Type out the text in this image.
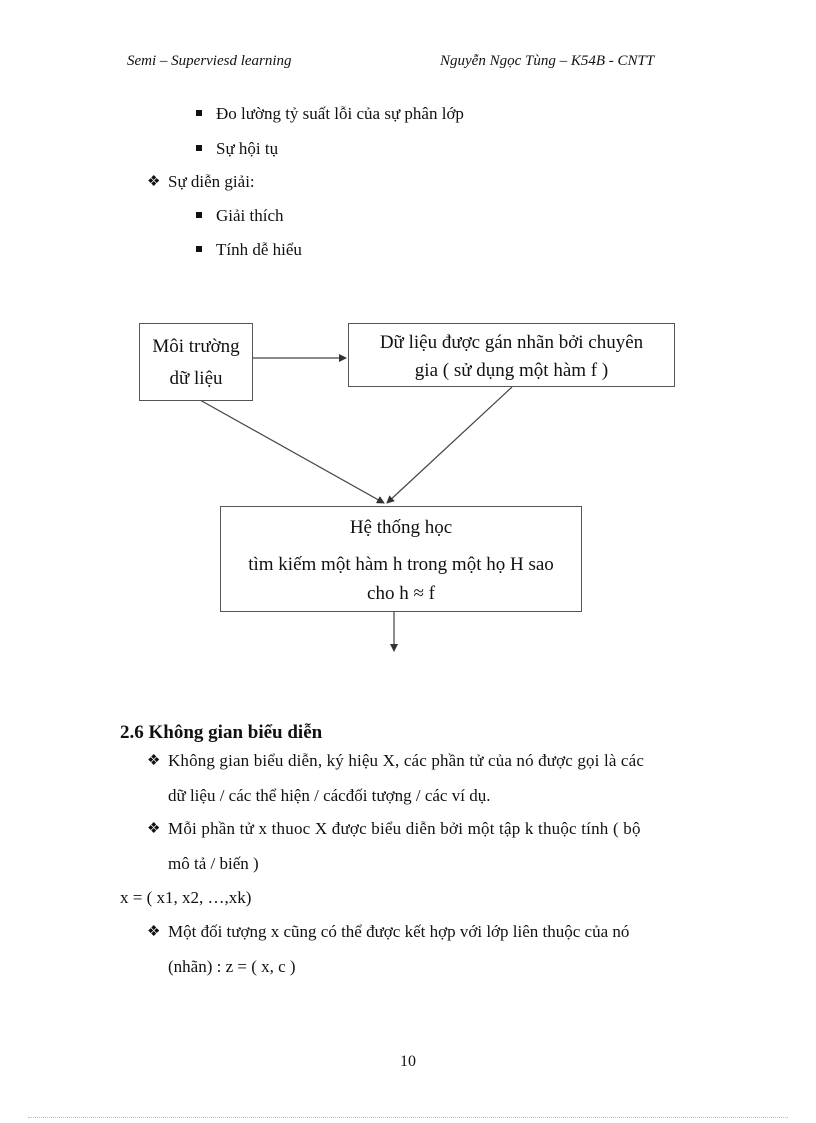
Semi – Superviesd learning	Nguyễn Ngọc Tùng – K54B - CNTT
Đo lường tỷ suất lỗi của sự phân lớp
Sự hội tụ
❖ Sự diễn giải:
Giải thích
Tính dễ hiểu
Môi trường
dữ liệu
Dữ liệu được gán nhãn bởi chuyên
gia ( sử dụng một hàm f )
Hệ thống học
tìm kiếm một hàm h trong một họ H sao
cho h ≈ f
2.6 Không gian biểu diễn
❖ Không gian biểu diễn, ký hiệu X, các phần tử của nó được gọi là các
dữ liệu / các thể hiện / cácđối tượng / các ví dụ.
❖ Mỗi phần tử x thuoc X được biểu diễn bởi một tập k thuộc tính ( bộ
mô tả / biến )
x = ( x1, x2, …,xk)
❖ Một đối tượng x cũng có thể được kết hợp với lớp liên thuộc của nó
(nhãn) : z = ( x, c )
10
